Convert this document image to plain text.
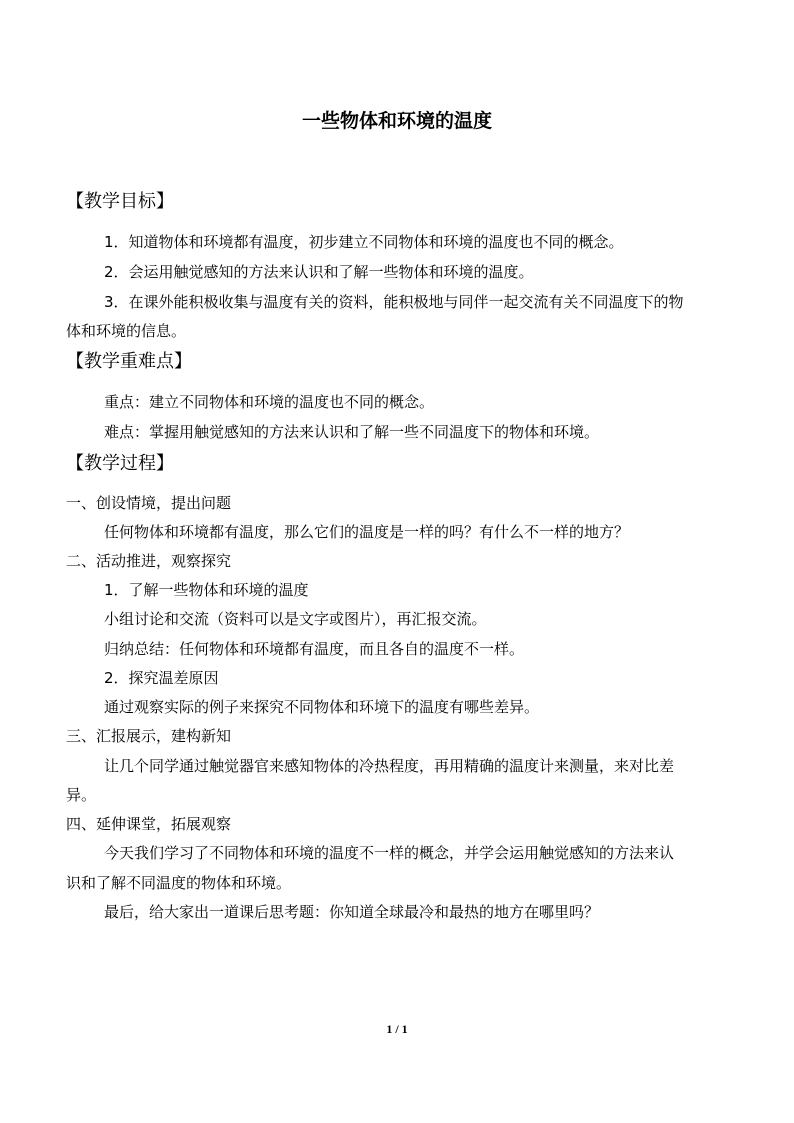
一些物体和环境的温度
【教学目标】
1．知道物体和环境都有温度，初步建立不同物体和环境的温度也不同的概念。
2．会运用触觉感知的方法来认识和了解一些物体和环境的温度。
3．在课外能积极收集与温度有关的资料，能积极地与同伴一起交流有关不同温度下的物
体和环境的信息。
【教学重难点】
重点：建立不同物体和环境的温度也不同的概念。
难点：掌握用触觉感知的方法来认识和了解一些不同温度下的物体和环境。
【教学过程】
一、创设情境，提出问题
任何物体和环境都有温度，那么它们的温度是一样的吗？有什么不一样的地方？
二、活动推进，观察探究
1．了解一些物体和环境的温度
小组讨论和交流（资料可以是文字或图片），再汇报交流。
归纳总结：任何物体和环境都有温度，而且各自的温度不一样。
2．探究温差原因
通过观察实际的例子来探究不同物体和环境下的温度有哪些差异。
三、汇报展示，建构新知
让几个同学通过触觉器官来感知物体的冷热程度，再用精确的温度计来测量，来对比差
异。
四、延伸课堂，拓展观察
今天我们学习了不同物体和环境的温度不一样的概念，并学会运用触觉感知的方法来认
识和了解不同温度的物体和环境。
最后，给大家出一道课后思考题：你知道全球最冷和最热的地方在哪里吗？
1 / 1
